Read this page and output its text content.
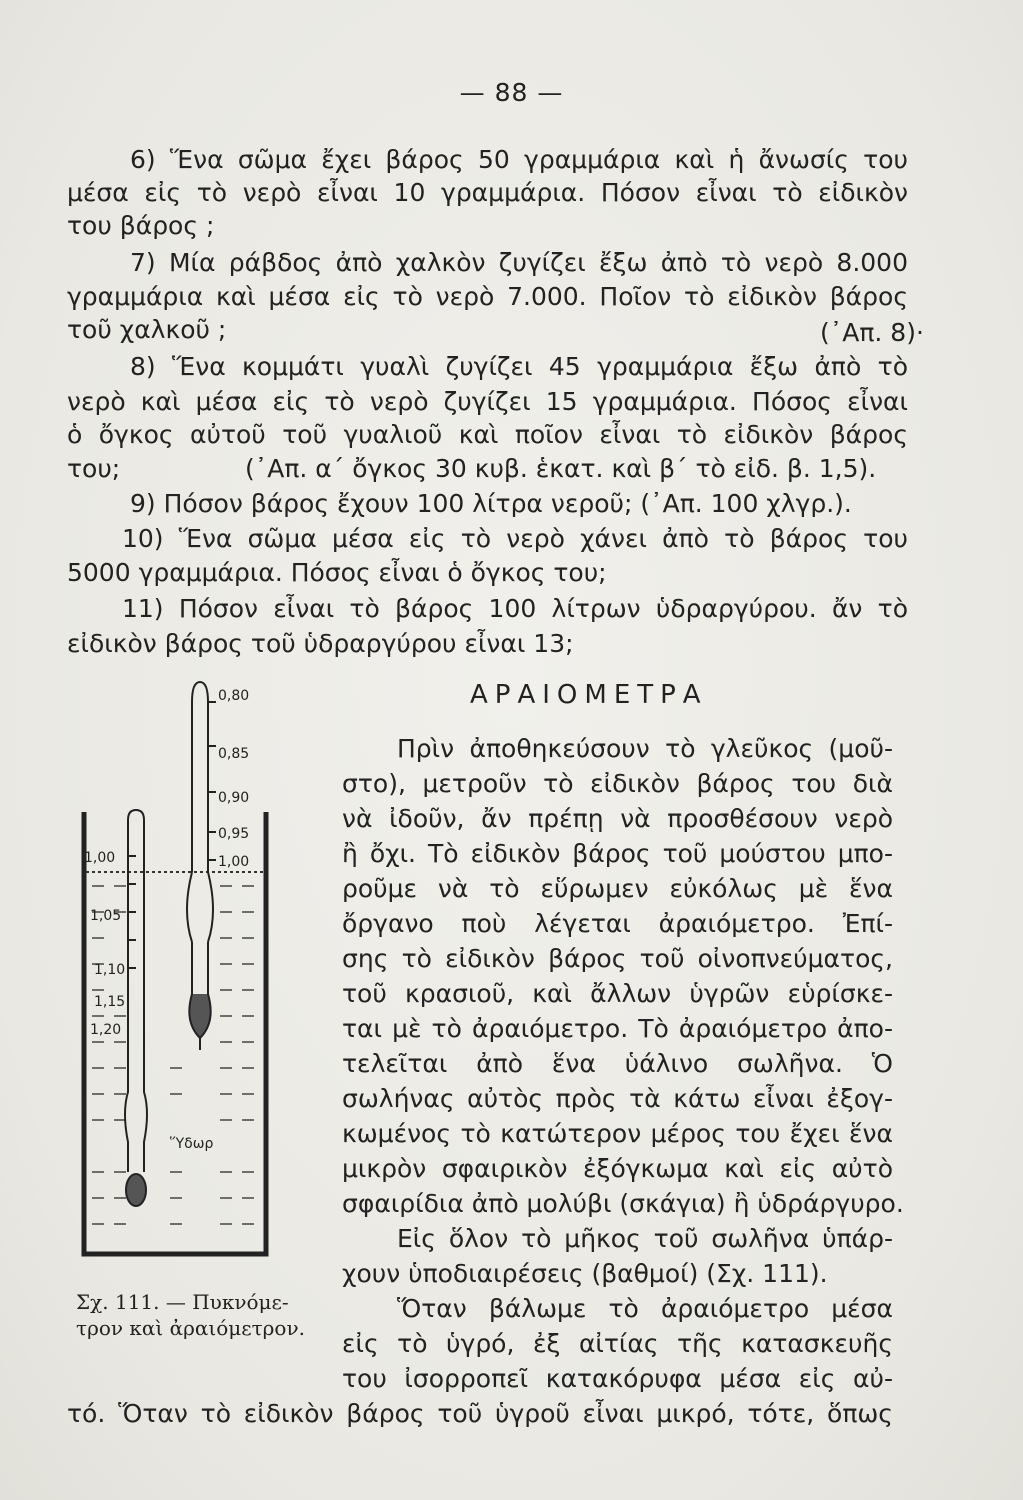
— 88 —
6) Ἕνα σῶμα ἔχει βάρος 50 γραμμάρια καὶ ἡ ἄνωσίς του
μέσα εἰς τὸ νερὸ εἶναι 10 γραμμάρια. Πόσον εἶναι τὸ εἰδικὸν
του βάρος ;
7) Μία ράβδος ἀπὸ χαλκὸν ζυγίζει ἔξω ἀπὸ τὸ νερὸ 8.000
γραμμάρια καὶ μέσα εἰς τὸ νερὸ 7.000. Ποῖον τὸ εἰδικὸν βάρος
τοῦ χαλκοῦ ;	(᾿Απ. 8)·
8) Ἕνα κομμάτι γυαλὶ ζυγίζει 45 γραμμάρια ἔξω ἀπὸ τὸ
νερὸ καὶ μέσα εἰς τὸ νερὸ ζυγίζει 15 γραμμάρια. Πόσος εἶναι
ὁ ὄγκος αὐτοῦ τοῦ γυαλιοῦ καὶ ποῖον εἶναι τὸ εἰδικὸν βάρος
του;	(᾿Απ. α΄ ὄγκος 30 κυβ. ἑκατ. καὶ β΄ τὸ εἰδ. β. 1,5).
9) Πόσον βάρος ἔχουν 100 λίτρα νεροῦ; (᾿Απ. 100 χλγρ.).
10) Ἕνα σῶμα μέσα εἰς τὸ νερὸ χάνει ἀπὸ τὸ βάρος του
5000 γραμμάρια. Πόσος εἶναι ὁ ὄγκος του;
11) Πόσον εἶναι τὸ βάρος 100 λίτρων ὑδραργύρου. ἄν τὸ
εἰδικὸν βάρος τοῦ ὑδραργύρου εἶναι 13;
ΑΡΑΙΟΜΕΤΡΑ
0,80
0,85
0,90
0,95
1,00
1,00
1,05
1,10
1,15
1,20
Ὕδωρ
Σχ. 111. — Πυκνόμε-
τρον καὶ ἀραιόμετρον.
Πρὶν ἀποθηκεύσουν τὸ γλεῦκος (μοῦ-
στο), μετροῦν τὸ εἰδικὸν βάρος του διὰ
νὰ ἰδοῦν, ἄν πρέπῃ νὰ προσθέσουν νερὸ
ἢ ὄχι. Τὸ εἰδικὸν βάρος τοῦ μούστου μπο-
ροῦμε νὰ τὸ εὕρωμεν εὐκόλως μὲ ἕνα
ὄργανο ποὺ λέγεται ἀραιόμετρο. Ἐπί-
σης τὸ εἰδικὸν βάρος τοῦ οἰνοπνεύματος,
τοῦ κρασιοῦ, καὶ ἄλλων ὑγρῶν εὑρίσκε-
ται μὲ τὸ ἀραιόμετρο. Τὸ ἀραιόμετρο ἀπο-
τελεῖται ἀπὸ ἕνα ὑάλινο σωλῆνα. Ὁ
σωλήνας αὐτὸς πρὸς τὰ κάτω εἶναι ἐξογ-
κωμένος τὸ κατώτερον μέρος του ἔχει ἕνα
μικρὸν σφαιρικὸν ἐξόγκωμα καὶ εἰς αὐτὸ
σφαιρίδια ἀπὸ μολύβι (σκάγια) ἢ ὑδράργυρο.
Εἰς ὅλον τὸ μῆκος τοῦ σωλῆνα ὑπάρ-
χουν ὑποδιαιρέσεις (βαθμοί) (Σχ. 111).
Ὅταν βάλωμε τὸ ἀραιόμετρο μέσα
εἰς τὸ ὑγρό, ἐξ αἰτίας τῆς κατασκευῆς
του ἰσορροπεῖ κατακόρυφα μέσα εἰς αὐ-
τό. Ὅταν τὸ εἰδικὸν βάρος τοῦ ὑγροῦ εἶναι μικρό, τότε, ὅπως
